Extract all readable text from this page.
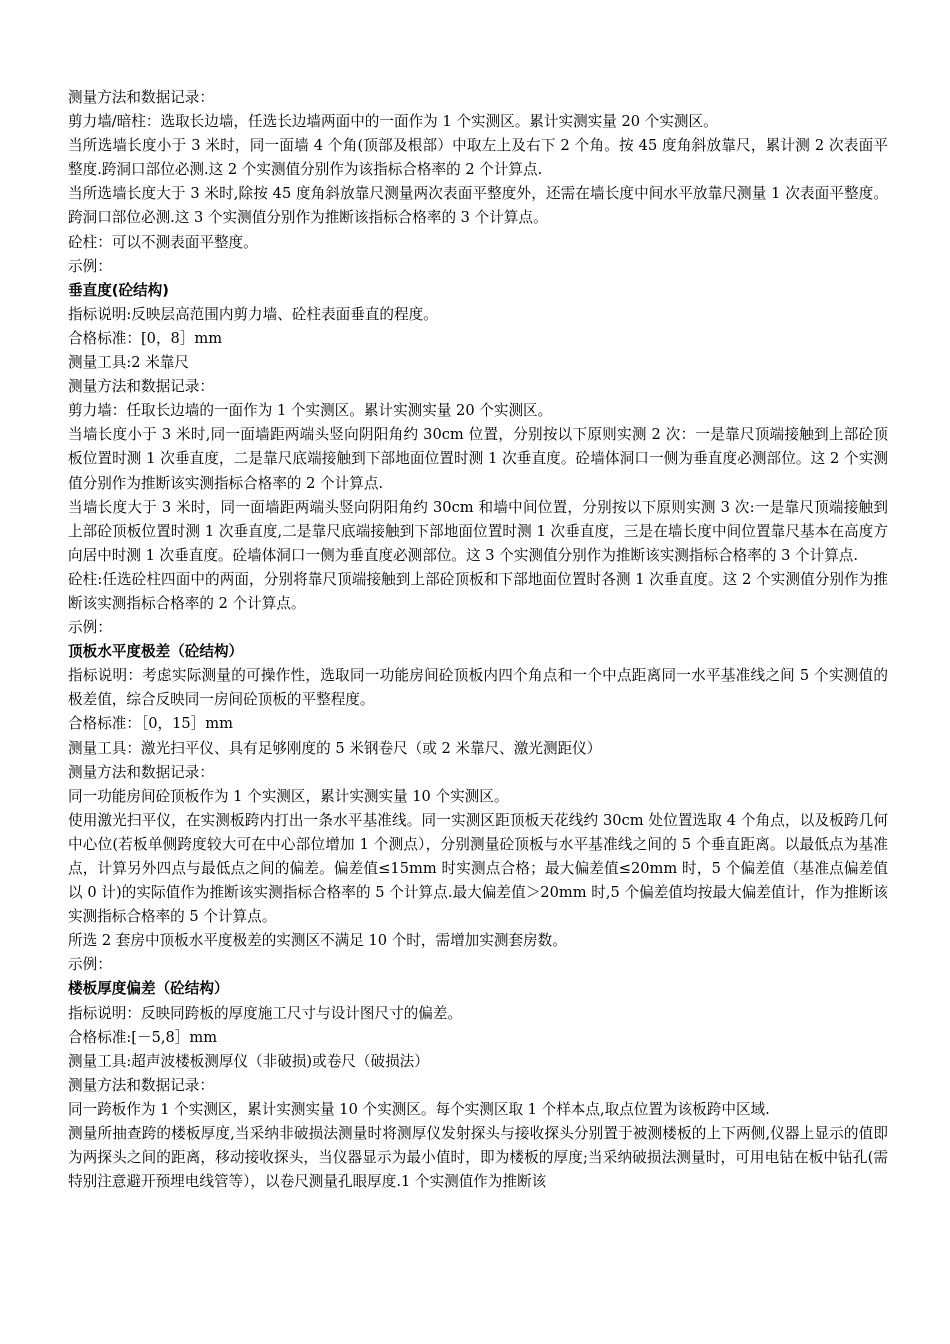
测量方法和数据记录：

剪力墙/暗柱：选取长边墙，任选长边墙两面中的一面作为 1 个实测区。累计实测实量 20 个实测区。

当所选墙长度小于 3 米时，同一面墙 4 个角(顶部及根部）中取左上及右下 2 个角。按 45 度角斜放靠尺，累计测 2 次表面平整度.跨洞口部位必测.这 2 个实测值分别作为该指标合格率的 2 个计算点.

当所选墙长度大于 3 米时,除按 45 度角斜放靠尺测量两次表面平整度外，还需在墙长度中间水平放靠尺测量 1 次表面平整度。跨洞口部位必测.这 3 个实测值分别作为推断该指标合格率的 3 个计算点。

砼柱：可以不测表面平整度。

示例：

垂直度(砼结构)

指标说明:反映层高范围内剪力墙、砼柱表面垂直的程度。

合格标准：[0，8］mm

测量工具:2 米靠尺

测量方法和数据记录：

剪力墙：任取长边墙的一面作为 1 个实测区。累计实测实量 20 个实测区。

当墙长度小于 3 米时,同一面墙距两端头竖向阴阳角约 30cm 位置，分别按以下原则实测 2 次：一是靠尺顶端接触到上部砼顶板位置时测 1 次垂直度，二是靠尺底端接触到下部地面位置时测 1 次垂直度。砼墙体洞口一侧为垂直度必测部位。这 2 个实测值分别作为推断该实测指标合格率的 2 个计算点.

当墙长度大于 3 米时，同一面墙距两端头竖向阴阳角约 30cm 和墙中间位置，分别按以下原则实测 3 次:一是靠尺顶端接触到上部砼顶板位置时测 1 次垂直度,二是靠尺底端接触到下部地面位置时测 1 次垂直度，三是在墙长度中间位置靠尺基本在高度方向居中时测 1 次垂直度。砼墙体洞口一侧为垂直度必测部位。这 3 个实测值分别作为推断该实测指标合格率的 3 个计算点.

砼柱:任选砼柱四面中的两面，分别将靠尺顶端接触到上部砼顶板和下部地面位置时各测 1 次垂直度。这 2 个实测值分别作为推断该实测指标合格率的 2 个计算点。

示例：

顶板水平度极差（砼结构）

指标说明：考虑实际测量的可操作性，选取同一功能房间砼顶板内四个角点和一个中点距离同一水平基准线之间 5 个实测值的极差值，综合反映同一房间砼顶板的平整程度。

合格标准：［0，15］mm

测量工具：激光扫平仪、具有足够刚度的 5 米钢卷尺（或 2 米靠尺、激光测距仪）

测量方法和数据记录：

同一功能房间砼顶板作为 1 个实测区，累计实测实量 10 个实测区。

使用激光扫平仪，在实测板跨内打出一条水平基准线。同一实测区距顶板天花线约 30cm 处位置选取 4 个角点，以及板跨几何中心位(若板单侧跨度较大可在中心部位增加 1 个测点），分别测量砼顶板与水平基准线之间的 5 个垂直距离。以最低点为基准点，计算另外四点与最低点之间的偏差。偏差值≤15mm 时实测点合格；最大偏差值≤20mm 时，5 个偏差值（基准点偏差值以 0 计)的实际值作为推断该实测指标合格率的 5 个计算点.最大偏差值＞20mm 时,5 个偏差值均按最大偏差值计，作为推断该实测指标合格率的 5 个计算点。

所选 2 套房中顶板水平度极差的实测区不满足 10 个时，需增加实测套房数。

示例：

楼板厚度偏差（砼结构）

指标说明：反映同跨板的厚度施工尺寸与设计图尺寸的偏差。

合格标准:[－5,8］mm

测量工具:超声波楼板测厚仪（非破损)或卷尺（破损法）

测量方法和数据记录：

同一跨板作为 1 个实测区，累计实测实量 10 个实测区。每个实测区取 1 个样本点,取点位置为该板跨中区域.

测量所抽查跨的楼板厚度,当采纳非破损法测量时将测厚仪发射探头与接收探头分别置于被测楼板的上下两侧,仪器上显示的值即为两探头之间的距离，移动接收探头，当仪器显示为最小值时，即为楼板的厚度;当采纳破损法测量时，可用电钻在板中钻孔(需特别注意避开预埋电线管等），以卷尺测量孔眼厚度.1 个实测值作为推断该
